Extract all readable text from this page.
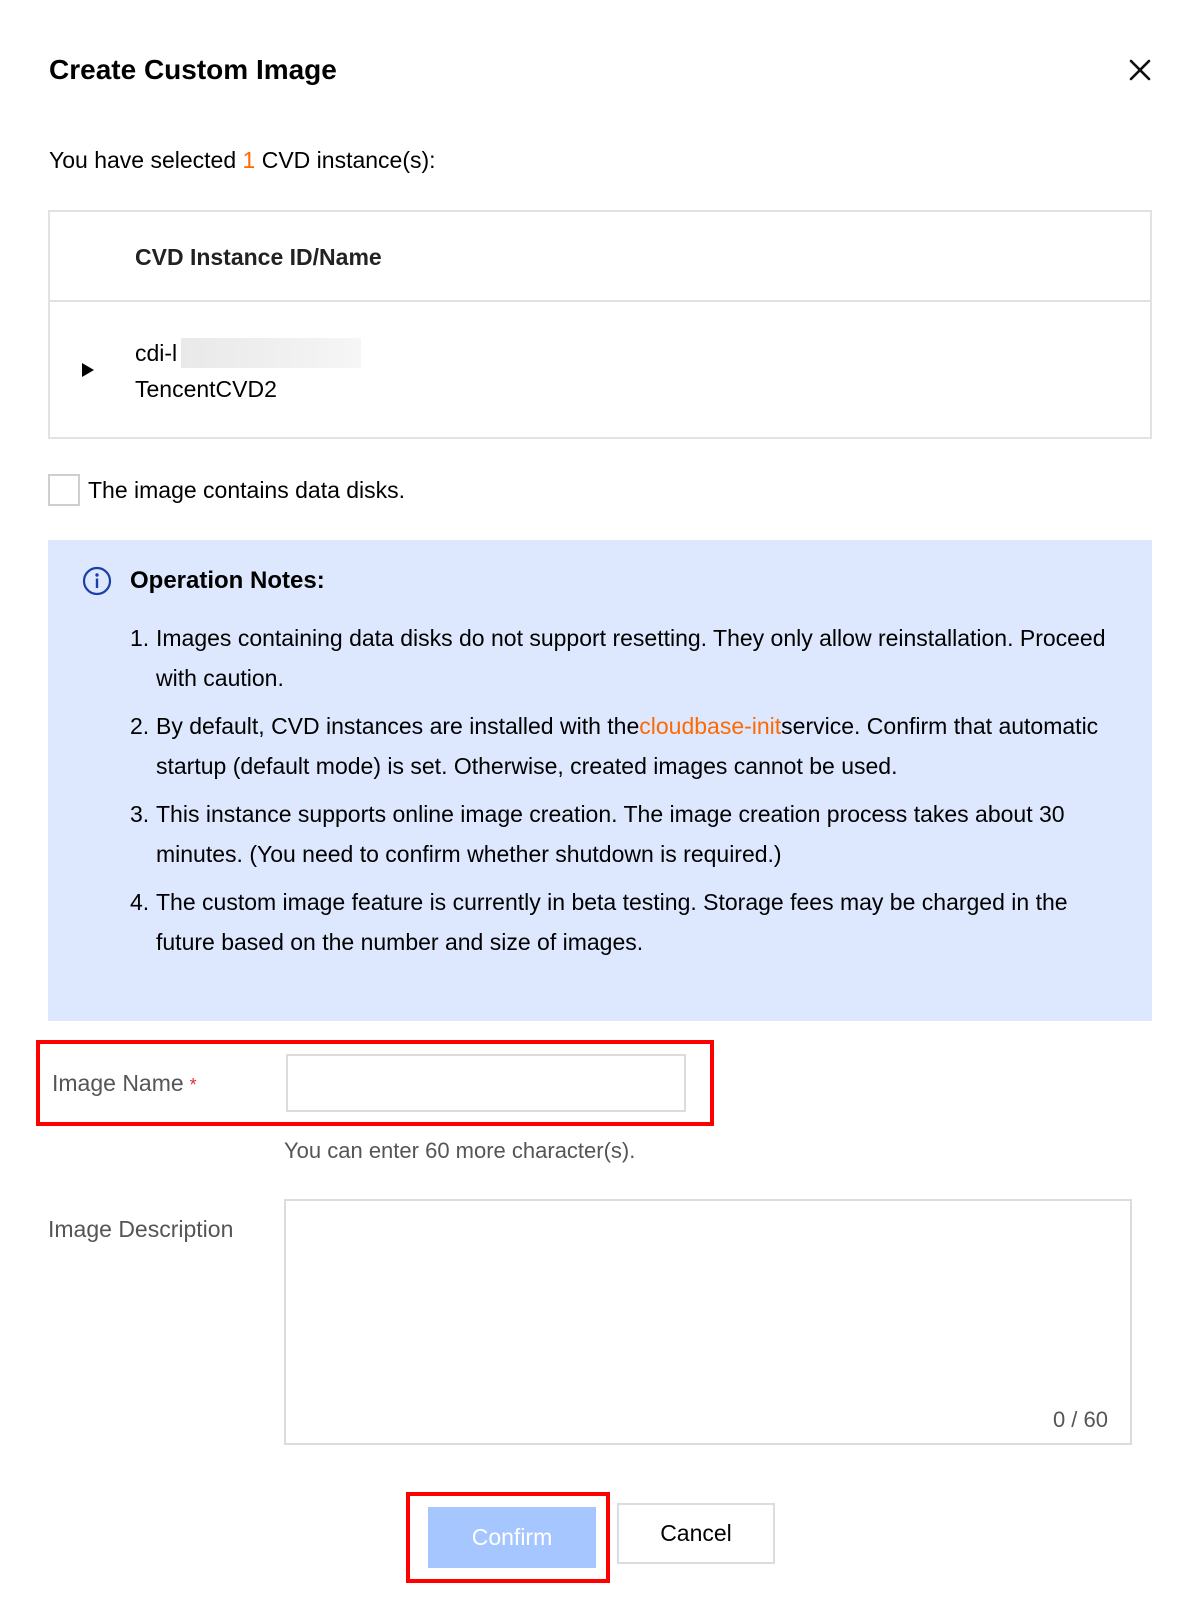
Create Custom Image
You have selected 1 CVD instance(s):
CVD Instance ID/Name
cdi-l
TencentCVD2
The image contains data disks.
Operation Notes:
1. Images containing data disks do not support resetting. They only allow reinstallation. Proceed with caution.
2. By default, CVD instances are installed with thecloudbase-initservice. Confirm that automatic startup (default mode) is set. Otherwise, created images cannot be used.
3. This instance supports online image creation. The image creation process takes about 30 minutes. (You need to confirm whether shutdown is required.)
4. The custom image feature is currently in beta testing. Storage fees may be charged in the future based on the number and size of images.
Image Name *
You can enter 60 more character(s).
Image Description
0 / 60
Confirm	Cancel
